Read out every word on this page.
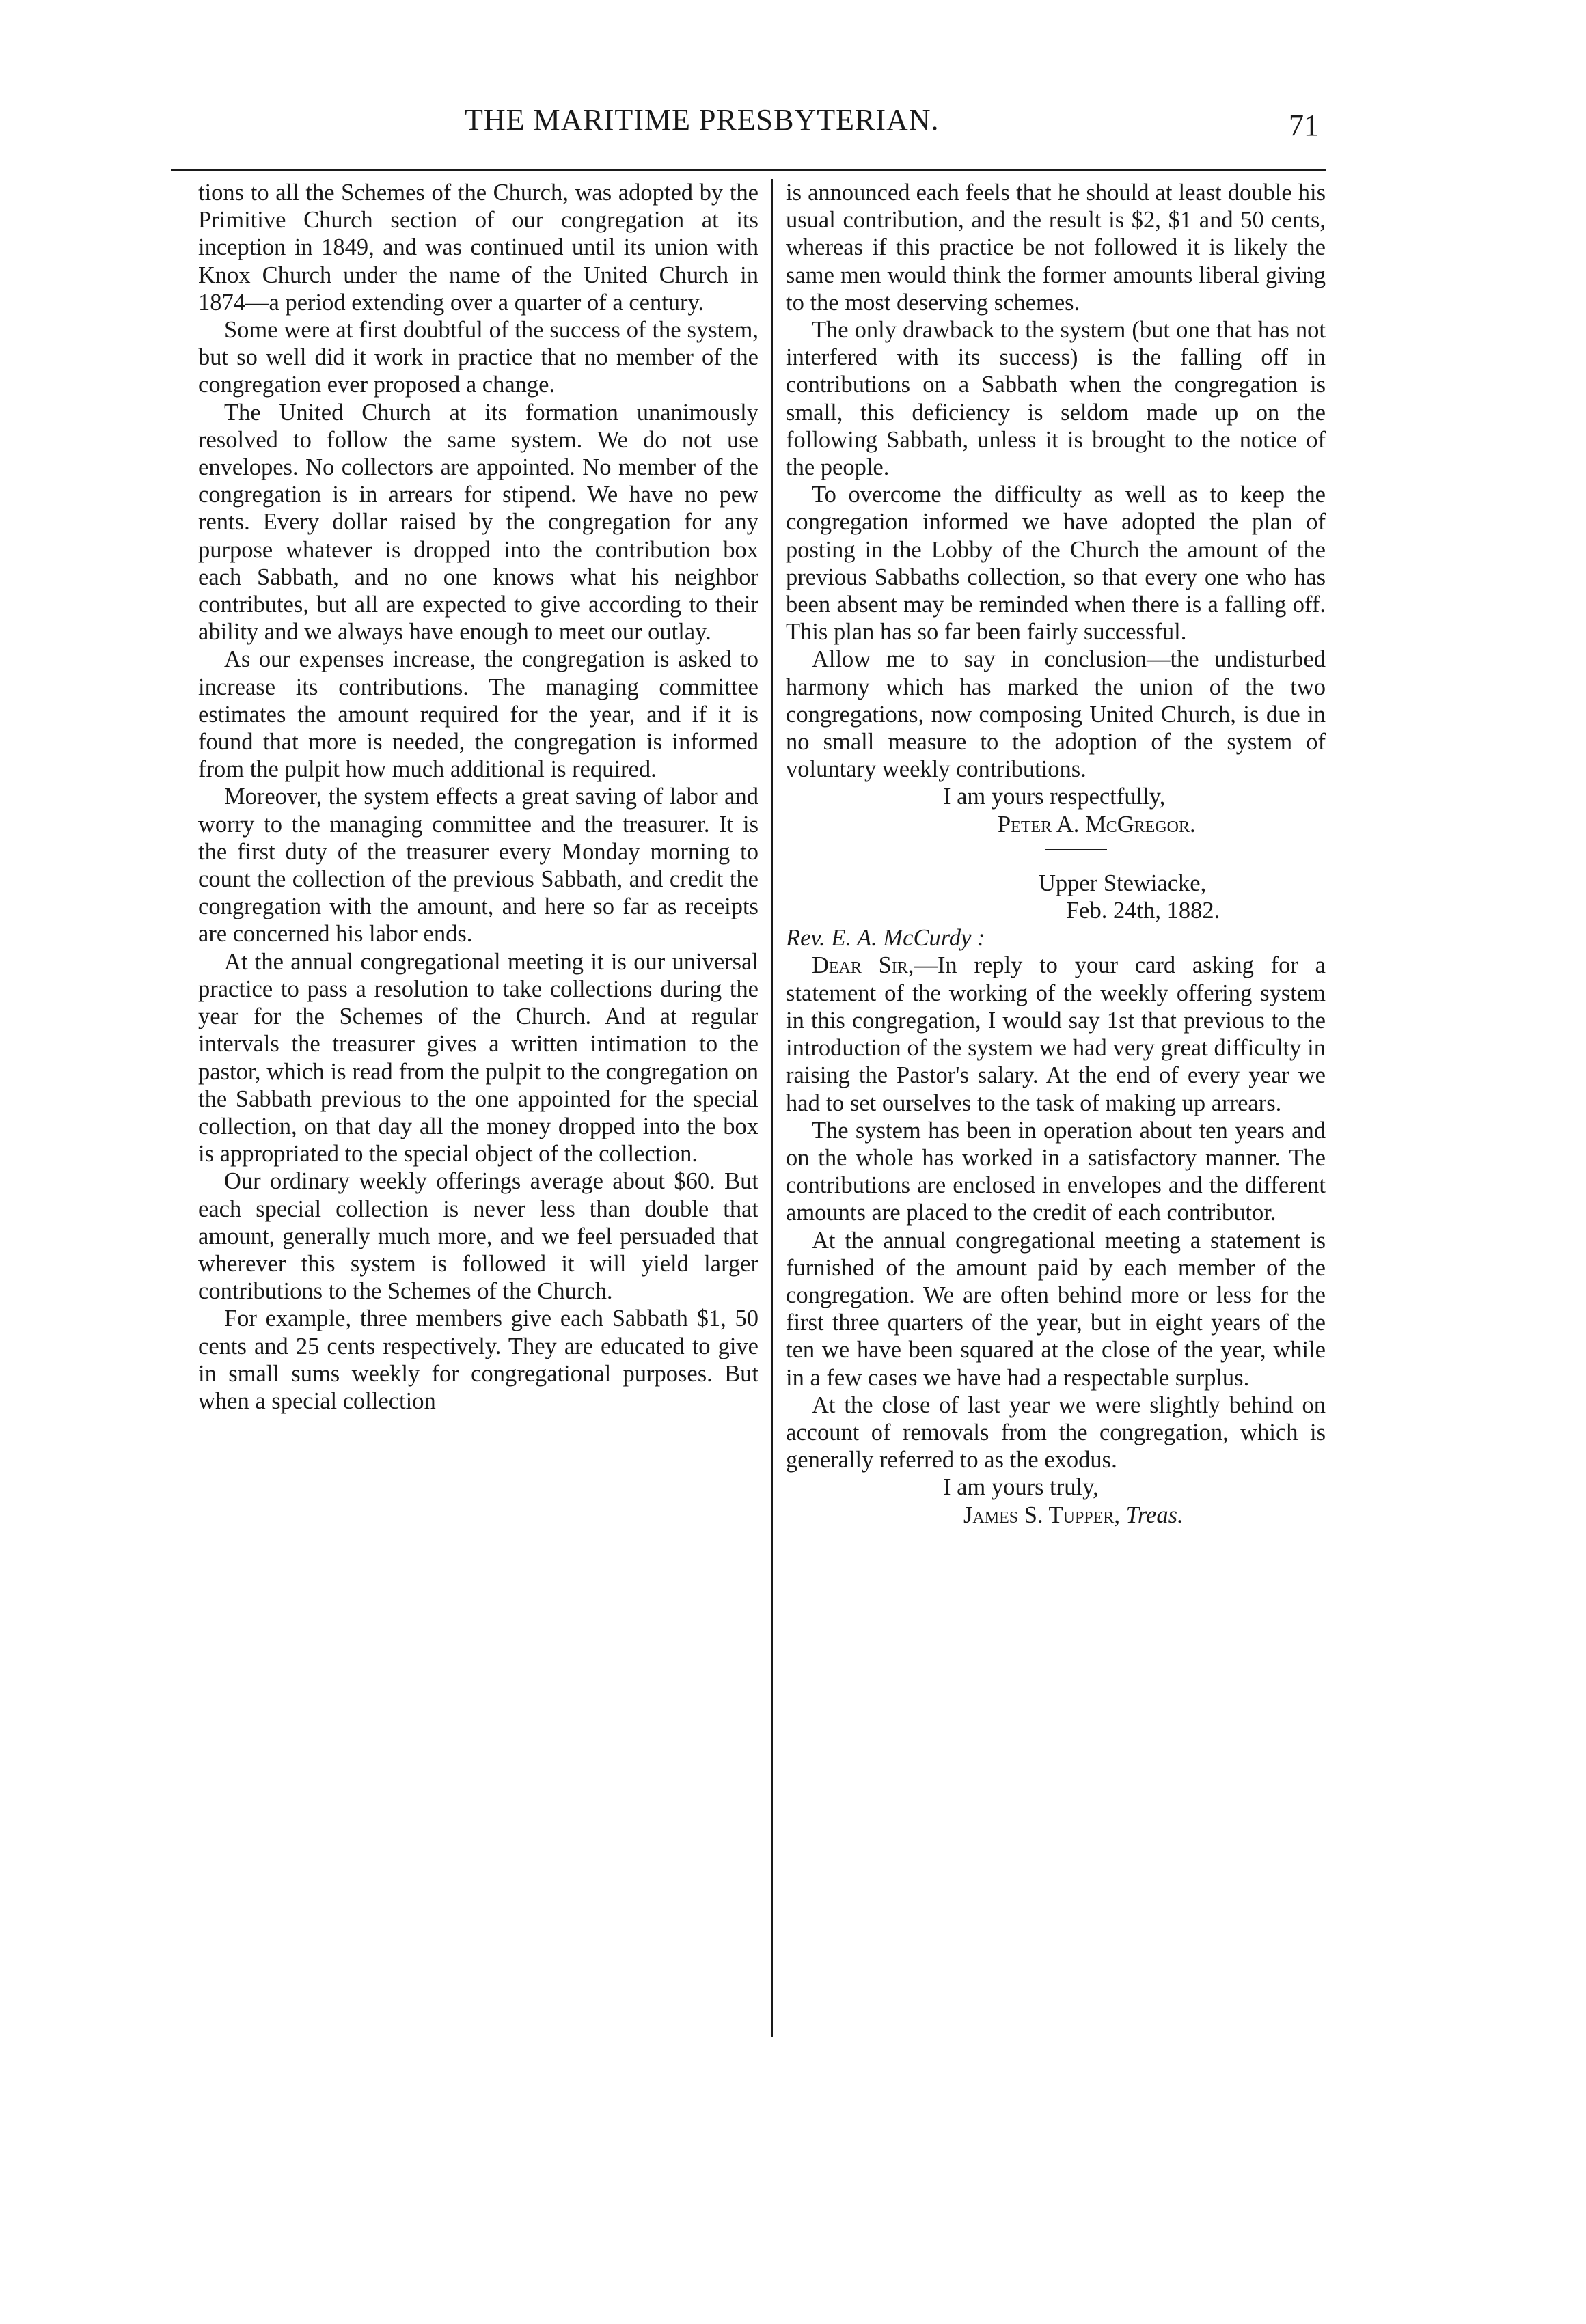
THE MARITIME PRESBYTERIAN.	71

tions to all the Schemes of the Church, was adopted by the Primitive Church section of our congregation at its inception in 1849, and was continued until its union with Knox Church under the name of the United Church in 1874—a period extending over a quarter of a century.

Some were at first doubtful of the success of the system, but so well did it work in practice that no member of the congregation ever proposed a change.

The United Church at its formation unanimously resolved to follow the same system. We do not use envelopes. No collectors are appointed. No member of the congregation is in arrears for stipend. We have no pew rents. Every dollar raised by the congregation for any purpose whatever is dropped into the contribution box each Sabbath, and no one knows what his neighbor contributes, but all are expected to give according to their ability and we always have enough to meet our outlay.

As our expenses increase, the congregation is asked to increase its contributions. The managing committee estimates the amount required for the year, and if it is found that more is needed, the congregation is informed from the pulpit how much additional is required.

Moreover, the system effects a great saving of labor and worry to the managing committee and the treasurer. It is the first duty of the treasurer every Monday morning to count the collection of the previous Sabbath, and credit the congregation with the amount, and here so far as receipts are concerned his labor ends.

At the annual congregational meeting it is our universal practice to pass a resolution to take collections during the year for the Schemes of the Church. And at regular intervals the treasurer gives a written intimation to the pastor, which is read from the pulpit to the congregation on the Sabbath previous to the one appointed for the special collection, on that day all the money dropped into the box is appropriated to the special object of the collection.

Our ordinary weekly offerings average about $60. But each special collection is never less than double that amount, generally much more, and we feel persuaded that wherever this system is followed it will yield larger contributions to the Schemes of the Church.

For example, three members give each Sabbath $1, 50 cents and 25 cents respectively. They are educated to give in small sums weekly for congregational purposes. But when a special collection

is announced each feels that he should at least double his usual contribution, and the result is $2, $1 and 50 cents, whereas if this practice be not followed it is likely the same men would think the former amounts liberal giving to the most deserving schemes.

The only drawback to the system (but one that has not interfered with its success) is the falling off in contributions on a Sabbath when the congregation is small, this deficiency is seldom made up on the following Sabbath, unless it is brought to the notice of the people.

To overcome the difficulty as well as to keep the congregation informed we have adopted the plan of posting in the Lobby of the Church the amount of the previous Sabbaths collection, so that every one who has been absent may be reminded when there is a falling off. This plan has so far been fairly successful.

Allow me to say in conclusion—the undisturbed harmony which has marked the union of the two congregations, now composing United Church, is due in no small measure to the adoption of the system of voluntary weekly contributions.

I am yours respectfully,

Peter A. McGregor.

Upper Stewiacke,

Feb. 24th, 1882.

Rev. E. A. McCurdy :

Dear Sir,—In reply to your card asking for a statement of the working of the weekly offering system in this congregation, I would say 1st that previous to the introduction of the system we had very great difficulty in raising the Pastor's salary. At the end of every year we had to set ourselves to the task of making up arrears.

The system has been in operation about ten years and on the whole has worked in a satisfactory manner. The contributions are enclosed in envelopes and the different amounts are placed to the credit of each contributor.

At the annual congregational meeting a statement is furnished of the amount paid by each member of the congregation. We are often behind more or less for the first three quarters of the year, but in eight years of the ten we have been squared at the close of the year, while in a few cases we have had a respectable surplus.

At the close of last year we were slightly behind on account of removals from the congregation, which is generally referred to as the exodus.

I am yours truly,

James S. Tupper, Treas.
